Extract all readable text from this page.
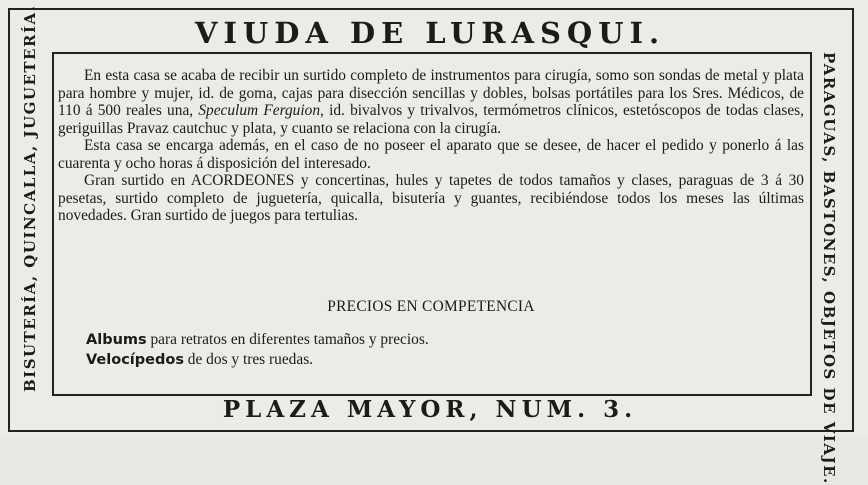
VIUDA DE LURASQUI.
BISUTERÍA, QUINCALLA, JUGUETERÍA.	PARAGUAS, BASTONES, OBJETOS DE VIAJE.

En esta casa se acaba de recibir un surtido completo de instrumentos para cirugía, somo son sondas de metal y plata para hombre y mujer, id. de goma, cajas para disección sencillas y dobles, bolsas portátiles para los Sres. Médicos, de 110 á 500 reales una, Speculum Ferguion, id. bivalvos y trivalvos, termómetros clínicos, estetóscopos de todas clases, geriguillas Pravaz cautchuc y plata, y cuanto se relaciona con la cirugía.

Esta casa se encarga además, en el caso de no poseer el aparato que se desee, de hacer el pedido y ponerlo á las cuarenta y ocho horas á disposición del interesado.

Gran surtido en ACORDEONES y concertinas, hules y tapetes de todos tamaños y clases, paraguas de 3 á 30 pesetas, surtido completo de juguetería, quicalla, bisutería y guantes, recibiéndose todos los meses las últimas novedades. Gran surtido de juegos para tertulias.

PRECIOS EN COMPETENCIA
Albums para retratos en diferentes tamaños y precios.
Velocípedos de dos y tres ruedas.
PLAZA MAYOR, NUM. 3.
